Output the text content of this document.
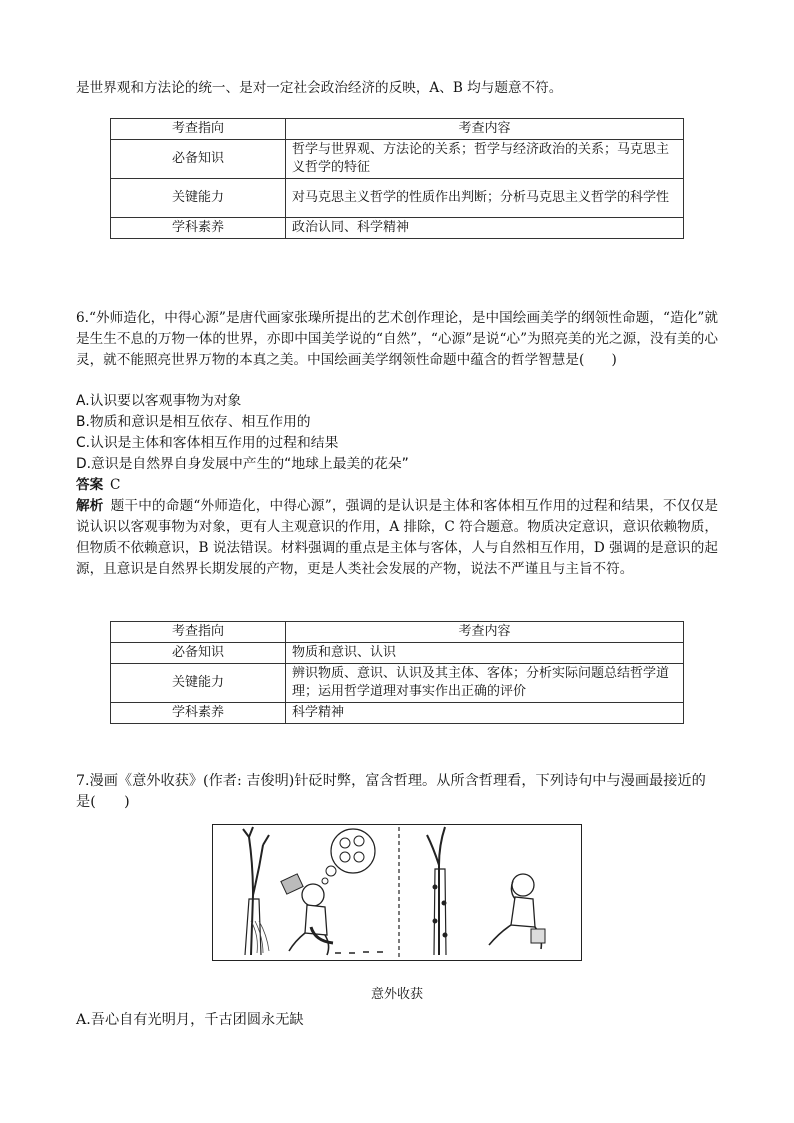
是世界观和方法论的统一、是对一定社会政治经济的反映，A、B 均与题意不符。
考查指向	考查内容
必备知识	哲学与世界观、方法论的关系；哲学与经济政治的关系；马克思主义哲学的特征
关键能力	对马克思主义哲学的性质作出判断；分析马克思主义哲学的科学性
学科素养	政治认同、科学精神
6.“外师造化，中得心源”是唐代画家张璪所提出的艺术创作理论，是中国绘画美学的纲领性命题，“造化”就是生生不息的万物一体的世界，亦即中国美学说的“自然”，“心源”是说“心”为照亮美的光之源，没有美的心灵，就不能照亮世界万物的本真之美。中国绘画美学纲领性命题中蕴含的哲学智慧是(　　)
A.认识要以客观事物为对象
B.物质和意识是相互依存、相互作用的
C.认识是主体和客体相互作用的过程和结果
D.意识是自然界自身发展中产生的“地球上最美的花朵”
答案  C
解析  题干中的命题“外师造化，中得心源”，强调的是认识是主体和客体相互作用的过程和结果，不仅仅是说认识以客观事物为对象，更有人主观意识的作用，A 排除，C 符合题意。物质决定意识，意识依赖物质，但物质不依赖意识，B 说法错误。材料强调的重点是主体与客体，人与自然相互作用，D 强调的是意识的起源，且意识是自然界长期发展的产物，更是人类社会发展的产物，说法不严谨且与主旨不符。
考查指向	考查内容
必备知识	物质和意识、认识
关键能力	辨识物质、意识、认识及其主体、客体；分析实际问题总结哲学道理；运用哲学道理对事实作出正确的评价
学科素养	科学精神
7.漫画《意外收获》(作者: 吉俊明)针砭时弊，富含哲理。从所含哲理看，下列诗句中与漫画最接近的是(　　)
意外收获
A.吾心自有光明月，千古团圆永无缺
